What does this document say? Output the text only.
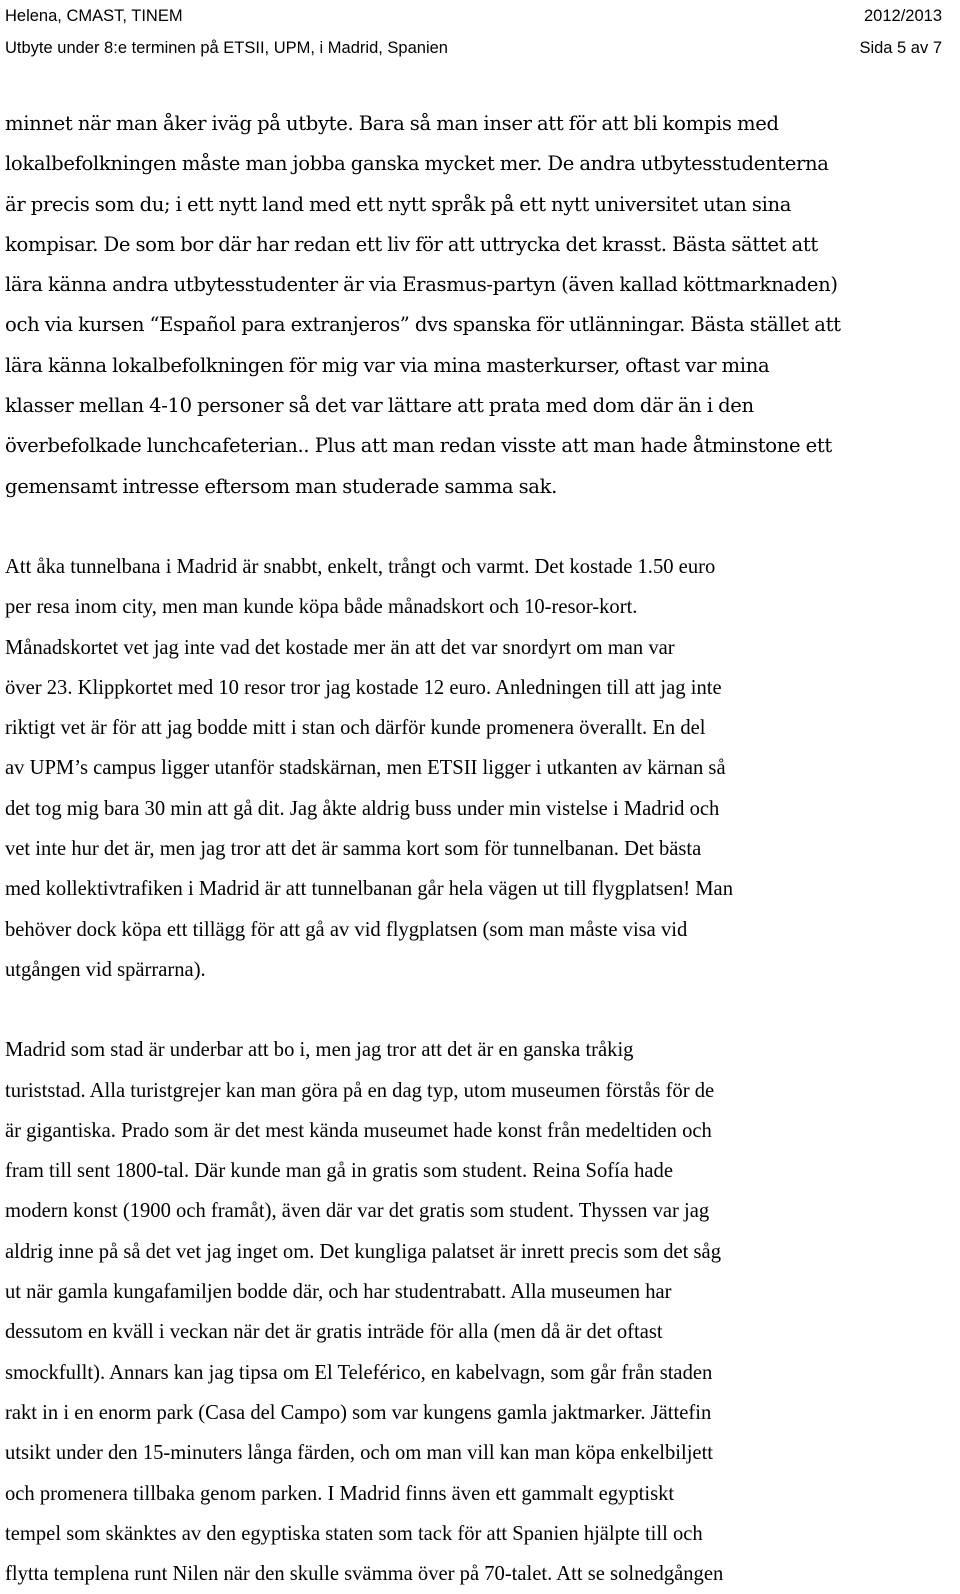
Helena, CMAST, TINEM	2012/2013
Utbyte under 8:e terminen på ETSII, UPM, i Madrid, Spanien	Sida 5 av 7

minnet när man åker iväg på utbyte. Bara så man inser att för att bli kompis med
lokalbefolkningen måste man jobba ganska mycket mer. De andra utbytesstudenterna
är precis som du; i ett nytt land med ett nytt språk på ett nytt universitet utan sina
kompisar. De som bor där har redan ett liv för att uttrycka det krasst. Bästa sättet att
lära känna andra utbytesstudenter är via Erasmus-partyn (även kallad köttmarknaden)
och via kursen “Español para extranjeros” dvs spanska för utlänningar. Bästa stället att
lära känna lokalbefolkningen för mig var via mina masterkurser, oftast var mina
klasser mellan 4-10 personer så det var lättare att prata med dom där än i den
överbefolkade lunchcafeterian.. Plus att man redan visste att man hade åtminstone ett
gemensamt intresse eftersom man studerade samma sak.

Att åka tunnelbana i Madrid är snabbt, enkelt, trångt och varmt. Det kostade 1.50 euro
per resa inom city, men man kunde köpa både månadskort och 10-resor-kort.
Månadskortet vet jag inte vad det kostade mer än att det var snordyrt om man var
över 23. Klippkortet med 10 resor tror jag kostade 12 euro. Anledningen till att jag inte
riktigt vet är för att jag bodde mitt i stan och därför kunde promenera överallt. En del
av UPM’s campus ligger utanför stadskärnan, men ETSII ligger i utkanten av kärnan så
det tog mig bara 30 min att gå dit. Jag åkte aldrig buss under min vistelse i Madrid och
vet inte hur det är, men jag tror att det är samma kort som för tunnelbanan. Det bästa
med kollektivtrafiken i Madrid är att tunnelbanan går hela vägen ut till flygplatsen! Man
behöver dock köpa ett tillägg för att gå av vid flygplatsen (som man måste visa vid
utgången vid spärrarna).

Madrid som stad är underbar att bo i, men jag tror att det är en ganska tråkig
turiststad. Alla turistgrejer kan man göra på en dag typ, utom museumen förstås för de
är gigantiska. Prado som är det mest kända museumet hade konst från medeltiden och
fram till sent 1800-tal. Där kunde man gå in gratis som student. Reina Sofía hade
modern konst (1900 och framåt), även där var det gratis som student. Thyssen var jag
aldrig inne på så det vet jag inget om. Det kungliga palatset är inrett precis som det såg
ut när gamla kungafamiljen bodde där, och har studentrabatt. Alla museumen har
dessutom en kväll i veckan när det är gratis inträde för alla (men då är det oftast
smockfullt). Annars kan jag tipsa om El Teleférico, en kabelvagn, som går från staden
rakt in i en enorm park (Casa del Campo) som var kungens gamla jaktmarker. Jättefin
utsikt under den 15-minuters långa färden, och om man vill kan man köpa enkelbiljett
och promenera tillbaka genom parken. I Madrid finns även ett gammalt egyptiskt
tempel som skänktes av den egyptiska staten som tack för att Spanien hjälpte till och
flytta templena runt Nilen när den skulle svämma över på 70-talet. Att se solnedgången
